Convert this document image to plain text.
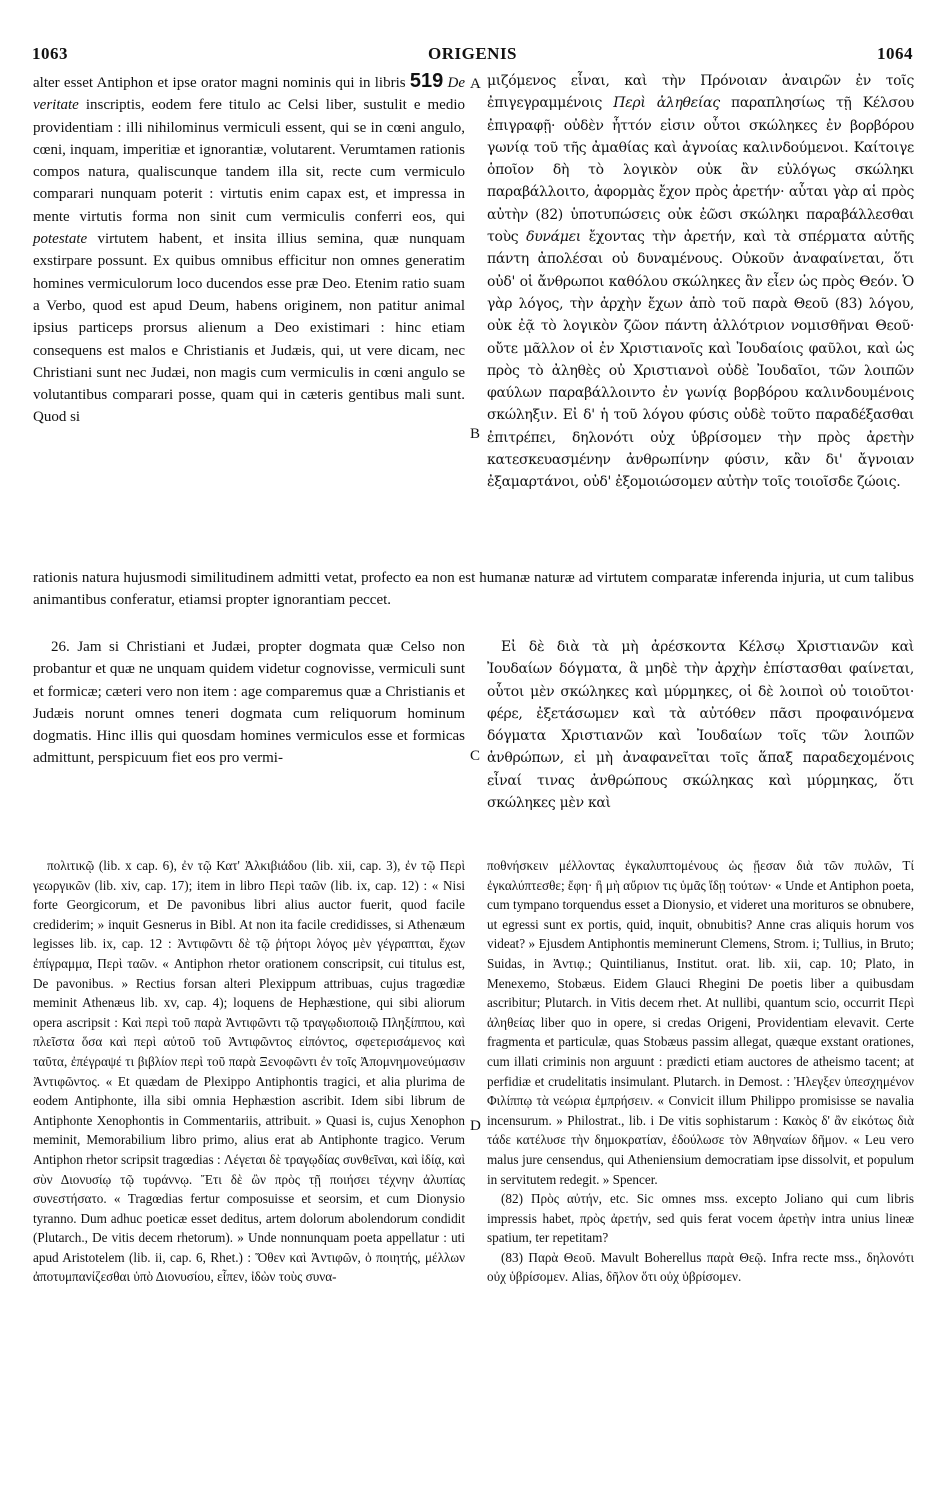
1063	ORIGENIS	1064
A
B
C
D

alter esset Antiphon et ipse orator magni nominis qui in libris 519 De veritate inscriptis, eodem fere titulo ac Celsi liber, sustulit e medio providentiam : illi nihilominus vermiculi essent, qui se in cœni angulo, cœni, inquam, imperitiæ et ignorantiæ, volutarent. Verumtamen rationis compos natura, qualiscunque tandem illa sit, recte cum vermiculo comparari nunquam poterit : virtutis enim capax est, et impressa in mente virtutis forma non sinit cum vermiculis conferri eos, qui potestate virtutem habent, et insita illius semina, quæ nunquam exstirpare possunt. Ex quibus omnibus efficitur non omnes generatim homines vermiculorum loco ducendos esse præ Deo. Etenim ratio suam a Verbo, quod est apud Deum, habens originem, non patitur animal ipsius particeps prorsus alienum a Deo existimari : hinc etiam consequens est malos e Christianis et Judæis, qui, ut vere dicam, nec Christiani sunt nec Judæi, non magis cum vermiculis in cœni angulo se volutantibus comparari posse, quam qui in cæteris gentibus mali sunt. Quod si

μιζόμενος εἶναι, καὶ τὴν Πρόνοιαν ἀναιρῶν ἐν τοῖς ἐπιγεγραμμένοις Περὶ ἀληθείας παραπλησίως τῇ Κέλσου ἐπιγραφῇ· οὐδὲν ἧττόν εἰσιν οὗτοι σκώληκες ἐν βορβόρου γωνίᾳ τοῦ τῆς ἀμαθίας καὶ ἀγνοίας καλινδούμενοι. Καίτοιγε ὁποῖον δὴ τὸ λογικὸν οὐκ ἂν εὐλόγως σκώληκι παραβάλλοιτο, ἀφορμὰς ἔχον πρὸς ἀρετήν· αὗται γὰρ αἱ πρὸς αὐτὴν (82) ὑποτυπώσεις οὐκ ἐῶσι σκώληκι παραβάλλεσθαι τοὺς δυνάμει ἔχοντας τὴν ἀρετήν, καὶ τὰ σπέρματα αὐτῆς πάντη ἀπολέσαι οὐ δυναμένους. Οὐκοῦν ἀναφαίνεται, ὅτι οὐδ' οἱ ἄνθρωποι καθόλου σκώληκες ἂν εἶεν ὡς πρὸς Θεόν. Ὁ γὰρ λόγος, τὴν ἀρχὴν ἔχων ἀπὸ τοῦ παρὰ Θεοῦ (83) λόγου, οὐκ ἐᾷ τὸ λογικὸν ζῶον πάντη ἀλλότριον νομισθῆναι Θεοῦ· οὔτε μᾶλλον οἱ ἐν Χριστιανοῖς καὶ Ἰουδαίοις φαῦλοι, καὶ ὡς πρὸς τὸ ἀληθὲς οὐ Χριστιανοὶ οὐδὲ Ἰουδαῖοι, τῶν λοιπῶν φαύλων παραβάλλοιντο ἐν γωνίᾳ βορβόρου καλινδουμένοις σκώληξιν. Εἰ δ' ἡ τοῦ λόγου φύσις οὐδὲ τοῦτο παραδέξασθαι ἐπιτρέπει, δηλονότι οὐχ ὑβρίσομεν τὴν πρὸς ἀρετὴν κατεσκευασμένην ἀνθρωπίνην φύσιν, κἂν δι' ἄγνοιαν ἐξαμαρτάνοι, οὐδ' ἐξομοιώσομεν αὐτὴν τοῖς τοιοῖσδε ζώοις.

rationis natura hujusmodi similitudinem admitti vetat, profecto ea non est humanæ naturæ ad virtutem comparatæ inferenda injuria, ut cum talibus animantibus conferatur, etiamsi propter ignorantiam peccet.

26. Jam si Christiani et Judæi, propter dogmata quæ Celso non probantur et quæ ne unquam quidem videtur cognovisse, vermiculi sunt et formicæ; cæteri vero non item : age comparemus quæ a Christianis et Judæis norunt omnes teneri dogmata cum reliquorum hominum dogmatis. Hinc illis qui quosdam homines vermiculos esse et formicas admittunt, perspicuum fiet eos pro vermi-

Εἰ δὲ διὰ τὰ μὴ ἀρέσκοντα Κέλσῳ Χριστιανῶν καὶ Ἰουδαίων δόγματα, ἃ μηδὲ τὴν ἀρχὴν ἐπίστασθαι φαίνεται, οὗτοι μὲν σκώληκες καὶ μύρμηκες, οἱ δὲ λοιποὶ οὐ τοιοῦτοι· φέρε, ἐξετάσωμεν καὶ τὰ αὐτόθεν πᾶσι προφαινόμενα δόγματα Χριστιανῶν καὶ Ἰουδαίων τοῖς τῶν λοιπῶν ἀνθρώπων, εἰ μὴ ἀναφανεῖται τοῖς ἅπαξ παραδεχομένοις εἶναί τινας ἀνθρώπους σκώληκας καὶ μύρμηκας, ὅτι σκώληκες μὲν καὶ

πολιτικῷ (lib. x cap. 6), ἐν τῷ Κατ' Ἀλκιβιάδου (lib. xii, cap. 3), ἐν τῷ Περὶ γεωργικῶν (lib. xiv, cap. 17); item in libro Περὶ ταῶν (lib. ix, cap. 12) : « Nisi forte Georgicorum, et De pavonibus libri alius auctor fuerit, quod facile crediderim; » inquit Gesnerus in Bibl. At non ita facile credidisses, si Athenæum legisses lib. ix, cap. 12 : Ἀντιφῶντι δὲ τῷ ῥήτορι λόγος μὲν γέγραπται, ἔχων ἐπίγραμμα, Περὶ ταῶν. « Antiphon rhetor orationem conscripsit, cui titulus est, De pavonibus. » Rectius forsan alteri Plexippum attribuas, cujus tragœdiæ meminit Athenæus lib. xv, cap. 4); loquens de Hephæstione, qui sibi aliorum opera ascripsit : Καὶ περὶ τοῦ παρὰ Ἀντιφῶντι τῷ τραγῳδιοποιῷ Πληξίππου, καὶ πλεῖστα ὅσα καὶ περὶ αὐτοῦ τοῦ Ἀντιφῶντος εἰπόντος, σφετερισάμενος καὶ ταῦτα, ἐπέγραψέ τι βιβλίον περὶ τοῦ παρὰ Ξενοφῶντι ἐν τοῖς Ἀπομνημονεύμασιν Ἀντιφῶντος. « Et quædam de Plexippo Antiphontis tragici, et alia plurima de eodem Antiphonte, illa sibi omnia Hephæstion ascribit. Idem sibi librum de Antiphonte Xenophontis in Commentariis, attribuit. » Quasi is, cujus Xenophon meminit, Memorabilium libro primo, alius erat ab Antiphonte tragico. Verum Antiphon rhetor scripsit tragœdias : Λέγεται δὲ τραγῳδίας συνθεῖναι, καὶ ἰδίᾳ, καὶ σὺν Διονυσίῳ τῷ τυράννῳ. Ἔτι δὲ ὢν πρὸς τῇ ποιήσει τέχνην ἀλυπίας συνεστήσατο. « Tragœdias fertur composuisse et seorsim, et cum Dionysio tyranno. Dum adhuc poeticæ esset deditus, artem dolorum abolendorum condidit (Plutarch., De vitis decem rhetorum). » Unde nonnunquam poeta appellatur : uti apud Aristotelem (lib. ii, cap. 6, Rhet.) : Ὅθεν καὶ Ἀντιφῶν, ὁ ποιητής, μέλλων ἀποτυμπανίζεσθαι ὑπὸ Διονυσίου, εἶπεν, ἰδὼν τοὺς συνα-

ποθνήσκειν μέλλοντας ἐγκαλυπτομένους ὡς ᾔεσαν διὰ τῶν πυλῶν, Τί ἐγκαλύπτεσθε; ἔφη· ἢ μὴ αὔριον τις ὑμᾶς ἴδῃ τούτων· « Unde et Antiphon poeta, cum tympano torquendus esset a Dionysio, et videret una morituros se obnubere, ut egressi sunt ex portis, quid, inquit, obnubitis? Anne cras aliquis horum vos videat? » Ejusdem Antiphontis meminerunt Clemens, Strom. i; Tullius, in Bruto; Suidas, in Ἀντιφ.; Quintilianus, Institut. orat. lib. xii, cap. 10; Plato, in Menexemo, Stobæus. Eidem Glauci Rhegini De poetis liber a quibusdam ascribitur; Plutarch. in Vitis decem rhet. At nullibi, quantum scio, occurrit Περὶ ἀληθείας liber quo in opere, si credas Origeni, Providentiam elevavit. Certe fragmenta et particulæ, quas Stobæus passim allegat, quæque exstant orationes, cum illati criminis non arguunt : prædicti etiam auctores de atheismo tacent; at perfidiæ et crudelitatis insimulant. Plutarch. in Demost. : Ἠλεγξεν ὑπεσχημένον Φιλίππῳ τὰ νεώρια ἐμπρήσειν. « Convicit illum Philippo promisisse se navalia incensurum. » Philostrat., lib. i De vitis sophistarum : Κακὸς δ' ἂν εἰκότως διὰ τάδε κατέλυσε τὴν δημοκρατίαν, ἐδούλωσε τὸν Ἀθηναίων δῆμον. « Leu vero malus jure censendus, qui Atheniensium democratiam ipse dissolvit, et populum in servitutem redegit. » Spencer.

(82) Πρὸς αὐτήν, etc. Sic omnes mss. excepto Joliano qui cum libris impressis habet, πρὸς ἀρετήν, sed quis ferat vocem ἀρετὴν intra unius lineæ spatium, ter repetitam?

(83) Παρὰ Θεοῦ. Mavult Boherellus παρὰ Θεῷ. Infra recte mss., δηλονότι οὐχ ὑβρίσομεν. Alias, δῆλον ὅτι οὐχ ὑβρίσομεν.
